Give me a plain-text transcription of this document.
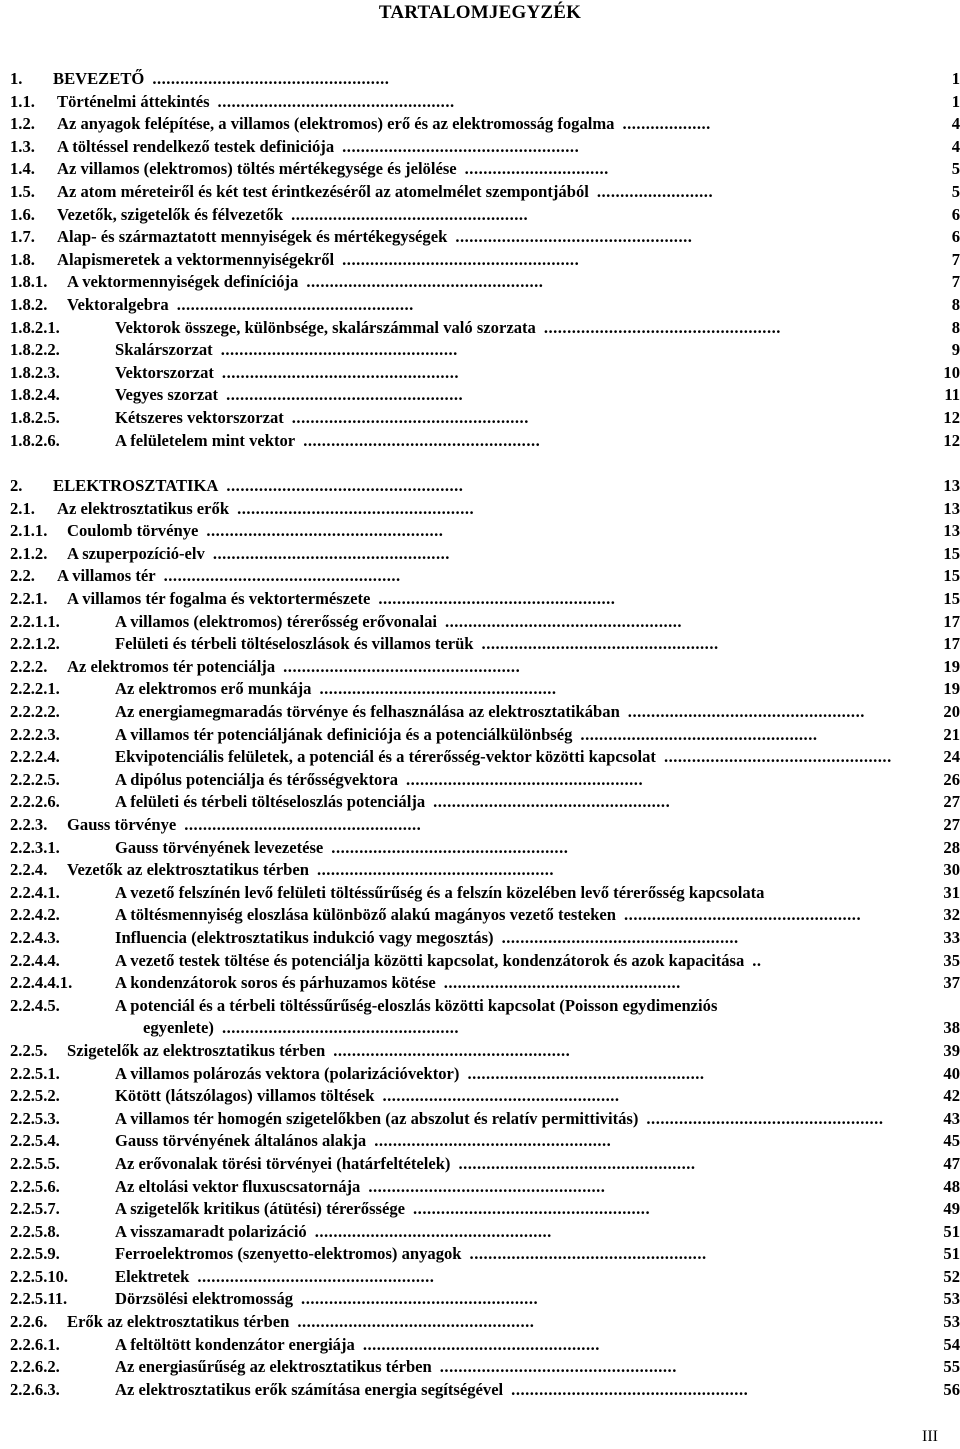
TARTALOMJEGYZÉK
1. BEVEZETŐ ...................................................	1
1.1. Történelmi áttekintés ...................................................	1
1.2. Az anyagok felépítése, a villamos (elektromos) erő és az elektromosság fogalma ...................	4
1.3. A töltéssel rendelkező testek definiciója ...................................................	4
1.4. Az villamos (elektromos) töltés mértékegysége és jelölése ...............................	5
1.5. Az atom méreteiről és két test érintkezéséről az atomelmélet szempontjából .........................	5
1.6. Vezetők, szigetelők és félvezetők ...................................................	6
1.7. Alap- és származtatott mennyiségek és mértékegységek ...................................................	6
1.8. Alapismeretek a vektormennyiségekről ...................................................	7
1.8.1. A vektormennyiségek definíciója ...................................................	7
1.8.2. Vektoralgebra ...................................................	8
1.8.2.1.	Vektorok összege, különbsége, skalárszámmal való szorzata ...................................................	8
1.8.2.2.	Skalárszorzat ...................................................	9
1.8.2.3.	Vektorszorzat ...................................................	10
1.8.2.4.	Vegyes szorzat ...................................................	11
1.8.2.5.	Kétszeres vektorszorzat ...................................................	12
1.8.2.6.	A felületelem mint vektor ...................................................	12
2. ELEKTROSZTATIKA ...................................................	13
2.1. Az elektrosztatikus erők ...................................................	13
2.1.1. Coulomb törvénye ...................................................	13
2.1.2. A szuperpozíció-elv ...................................................	15
2.2. A villamos tér ...................................................	15
2.2.1. A villamos tér fogalma és vektortermészete ...................................................	15
2.2.1.1.	A villamos (elektromos) térerősség erővonalai ...................................................	17
2.2.1.2.	Felületi és térbeli töltéseloszlások és villamos terük ...................................................	17
2.2.2. Az elektromos tér potenciálja ...................................................	19
2.2.2.1.	Az elektromos erő munkája ...................................................	19
2.2.2.2.	Az energiamegmaradás törvénye és felhasználása az elektrosztatikában ...................................................	20
2.2.2.3.	A villamos tér potenciáljának definiciója és a potenciálkülönbség ...................................................	21
2.2.2.4.	Ekvipotenciális felületek, a potenciál és a térerősség-vektor közötti kapcsolat .................................................	24
2.2.2.5.	A dipólus potenciálja és térősségvektora ...................................................	26
2.2.2.6.	A felületi és térbeli töltéseloszlás potenciálja ...................................................	27
2.2.3. Gauss törvénye ...................................................	27
2.2.3.1.	Gauss törvényének levezetése ...................................................	28
2.2.4. Vezetők az elektrosztatikus térben ...................................................	30
2.2.4.1.	A vezető felszínén levő felületi töltéssűrűség és a felszín közelében levő térerősség kapcsolata	31
2.2.4.2.	A töltésmennyiség eloszlása különböző alakú magányos vezető testeken ...................................................	32
2.2.4.3.	Influencia (elektrosztatikus indukció vagy megosztás) ...................................................	33
2.2.4.4.	A vezető testek töltése és potenciálja közötti kapcsolat, kondenzátorok és azok kapacitása ..	35
2.2.4.4.1.	A kondenzátorok soros és párhuzamos kötése ...................................................	37
2.2.4.5.	A potenciál és a térbeli töltéssűrűség-eloszlás közötti kapcsolat (Poisson egydimenziós
egyenlete) ...................................................	38
2.2.5. Szigetelők az elektrosztatikus térben ...................................................	39
2.2.5.1.	A villamos polározás vektora (polarizációvektor) ...................................................	40
2.2.5.2.	Kötött (látszólagos) villamos töltések ...................................................	42
2.2.5.3.	A villamos tér homogén szigetelőkben (az abszolut és relatív permittivitás) ...................................................	43
2.2.5.4.	Gauss törvényének általános alakja ...................................................	45
2.2.5.5.	Az erővonalak törési törvényei (határfeltételek) ...................................................	47
2.2.5.6.	Az eltolási vektor fluxuscsatornája ...................................................	48
2.2.5.7.	A szigetelők kritikus (átütési) térerőssége ...................................................	49
2.2.5.8.	A visszamaradt polarizáció ...................................................	51
2.2.5.9.	Ferroelektromos (szenyetto-elektromos) anyagok ...................................................	51
2.2.5.10.	Elektretek ...................................................	52
2.2.5.11.	Dörzsölési elektromosság ...................................................	53
2.2.6. Erők az elektrosztatikus térben ...................................................	53
2.2.6.1.	A feltöltött kondenzátor energiája ...................................................	54
2.2.6.2.	Az energiasűrűség az elektrosztatikus térben ...................................................	55
2.2.6.3.	Az elektrosztatikus erők számítása energia segítségével ...................................................	56
III
